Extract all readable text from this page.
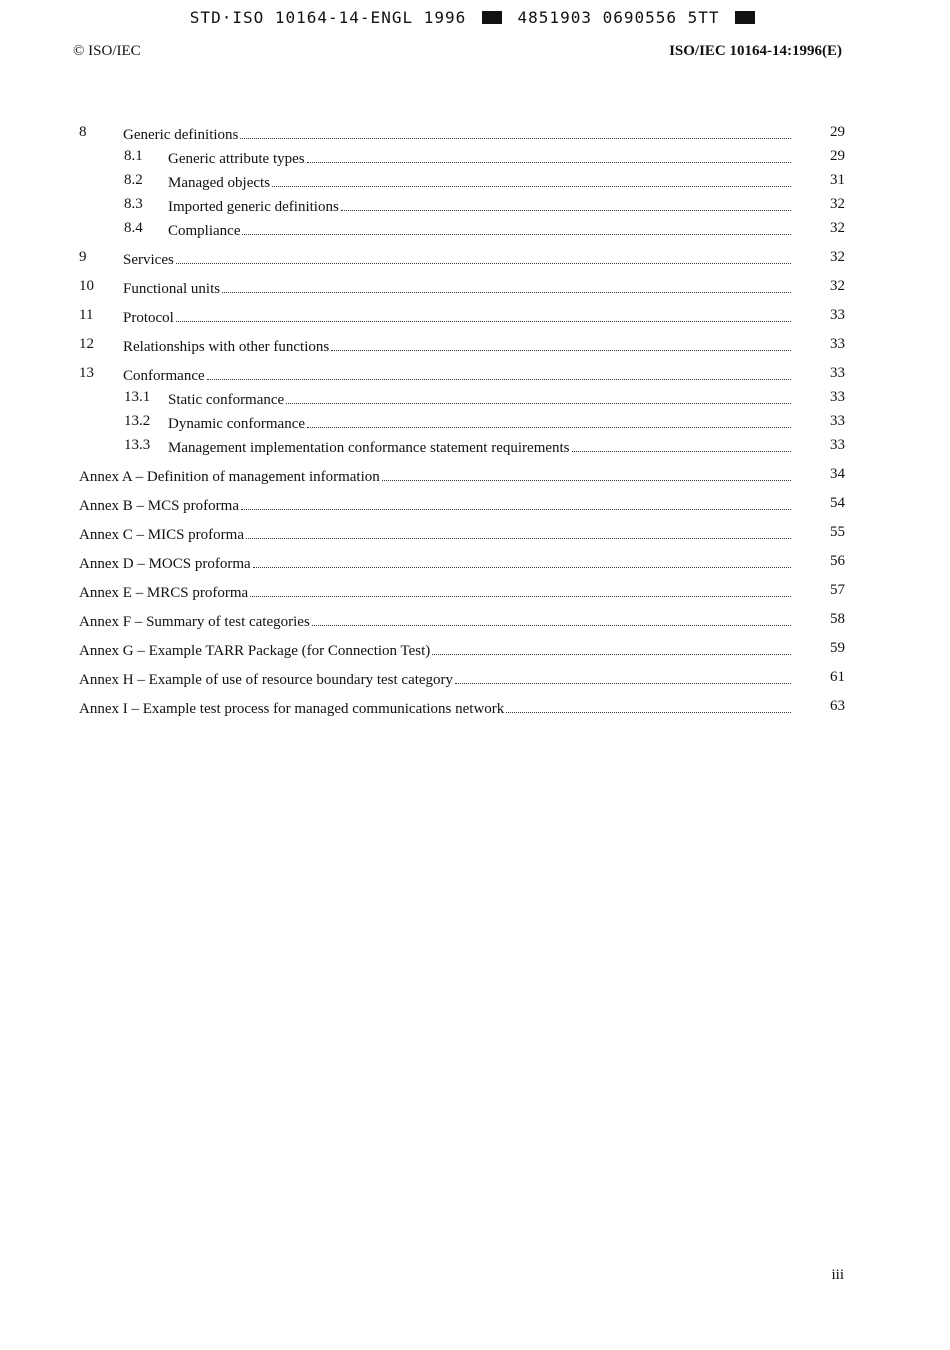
STD·ISO 10164-14-ENGL 1996	4851903 0690556 5TT
© ISO/IEC	ISO/IEC 10164-14:1996(E)
8 Generic definitions	29
8.1 Generic attribute types	29
8.2 Managed objects	31
8.3 Imported generic definitions	32
8.4 Compliance	32
9 Services	32
10 Functional units	32
11 Protocol	33
12 Relationships with other functions	33
13 Conformance	33
13.1 Static conformance	33
13.2 Dynamic conformance	33
13.3 Management implementation conformance statement requirements	33
Annex A – Definition of management information	34
Annex B – MCS proforma	54
Annex C – MICS proforma	55
Annex D – MOCS proforma	56
Annex E – MRCS proforma	57
Annex F – Summary of test categories	58
Annex G – Example TARR Package (for Connection Test)	59
Annex H – Example of use of resource boundary test category	61
Annex I – Example test process for managed communications network	63
iii
